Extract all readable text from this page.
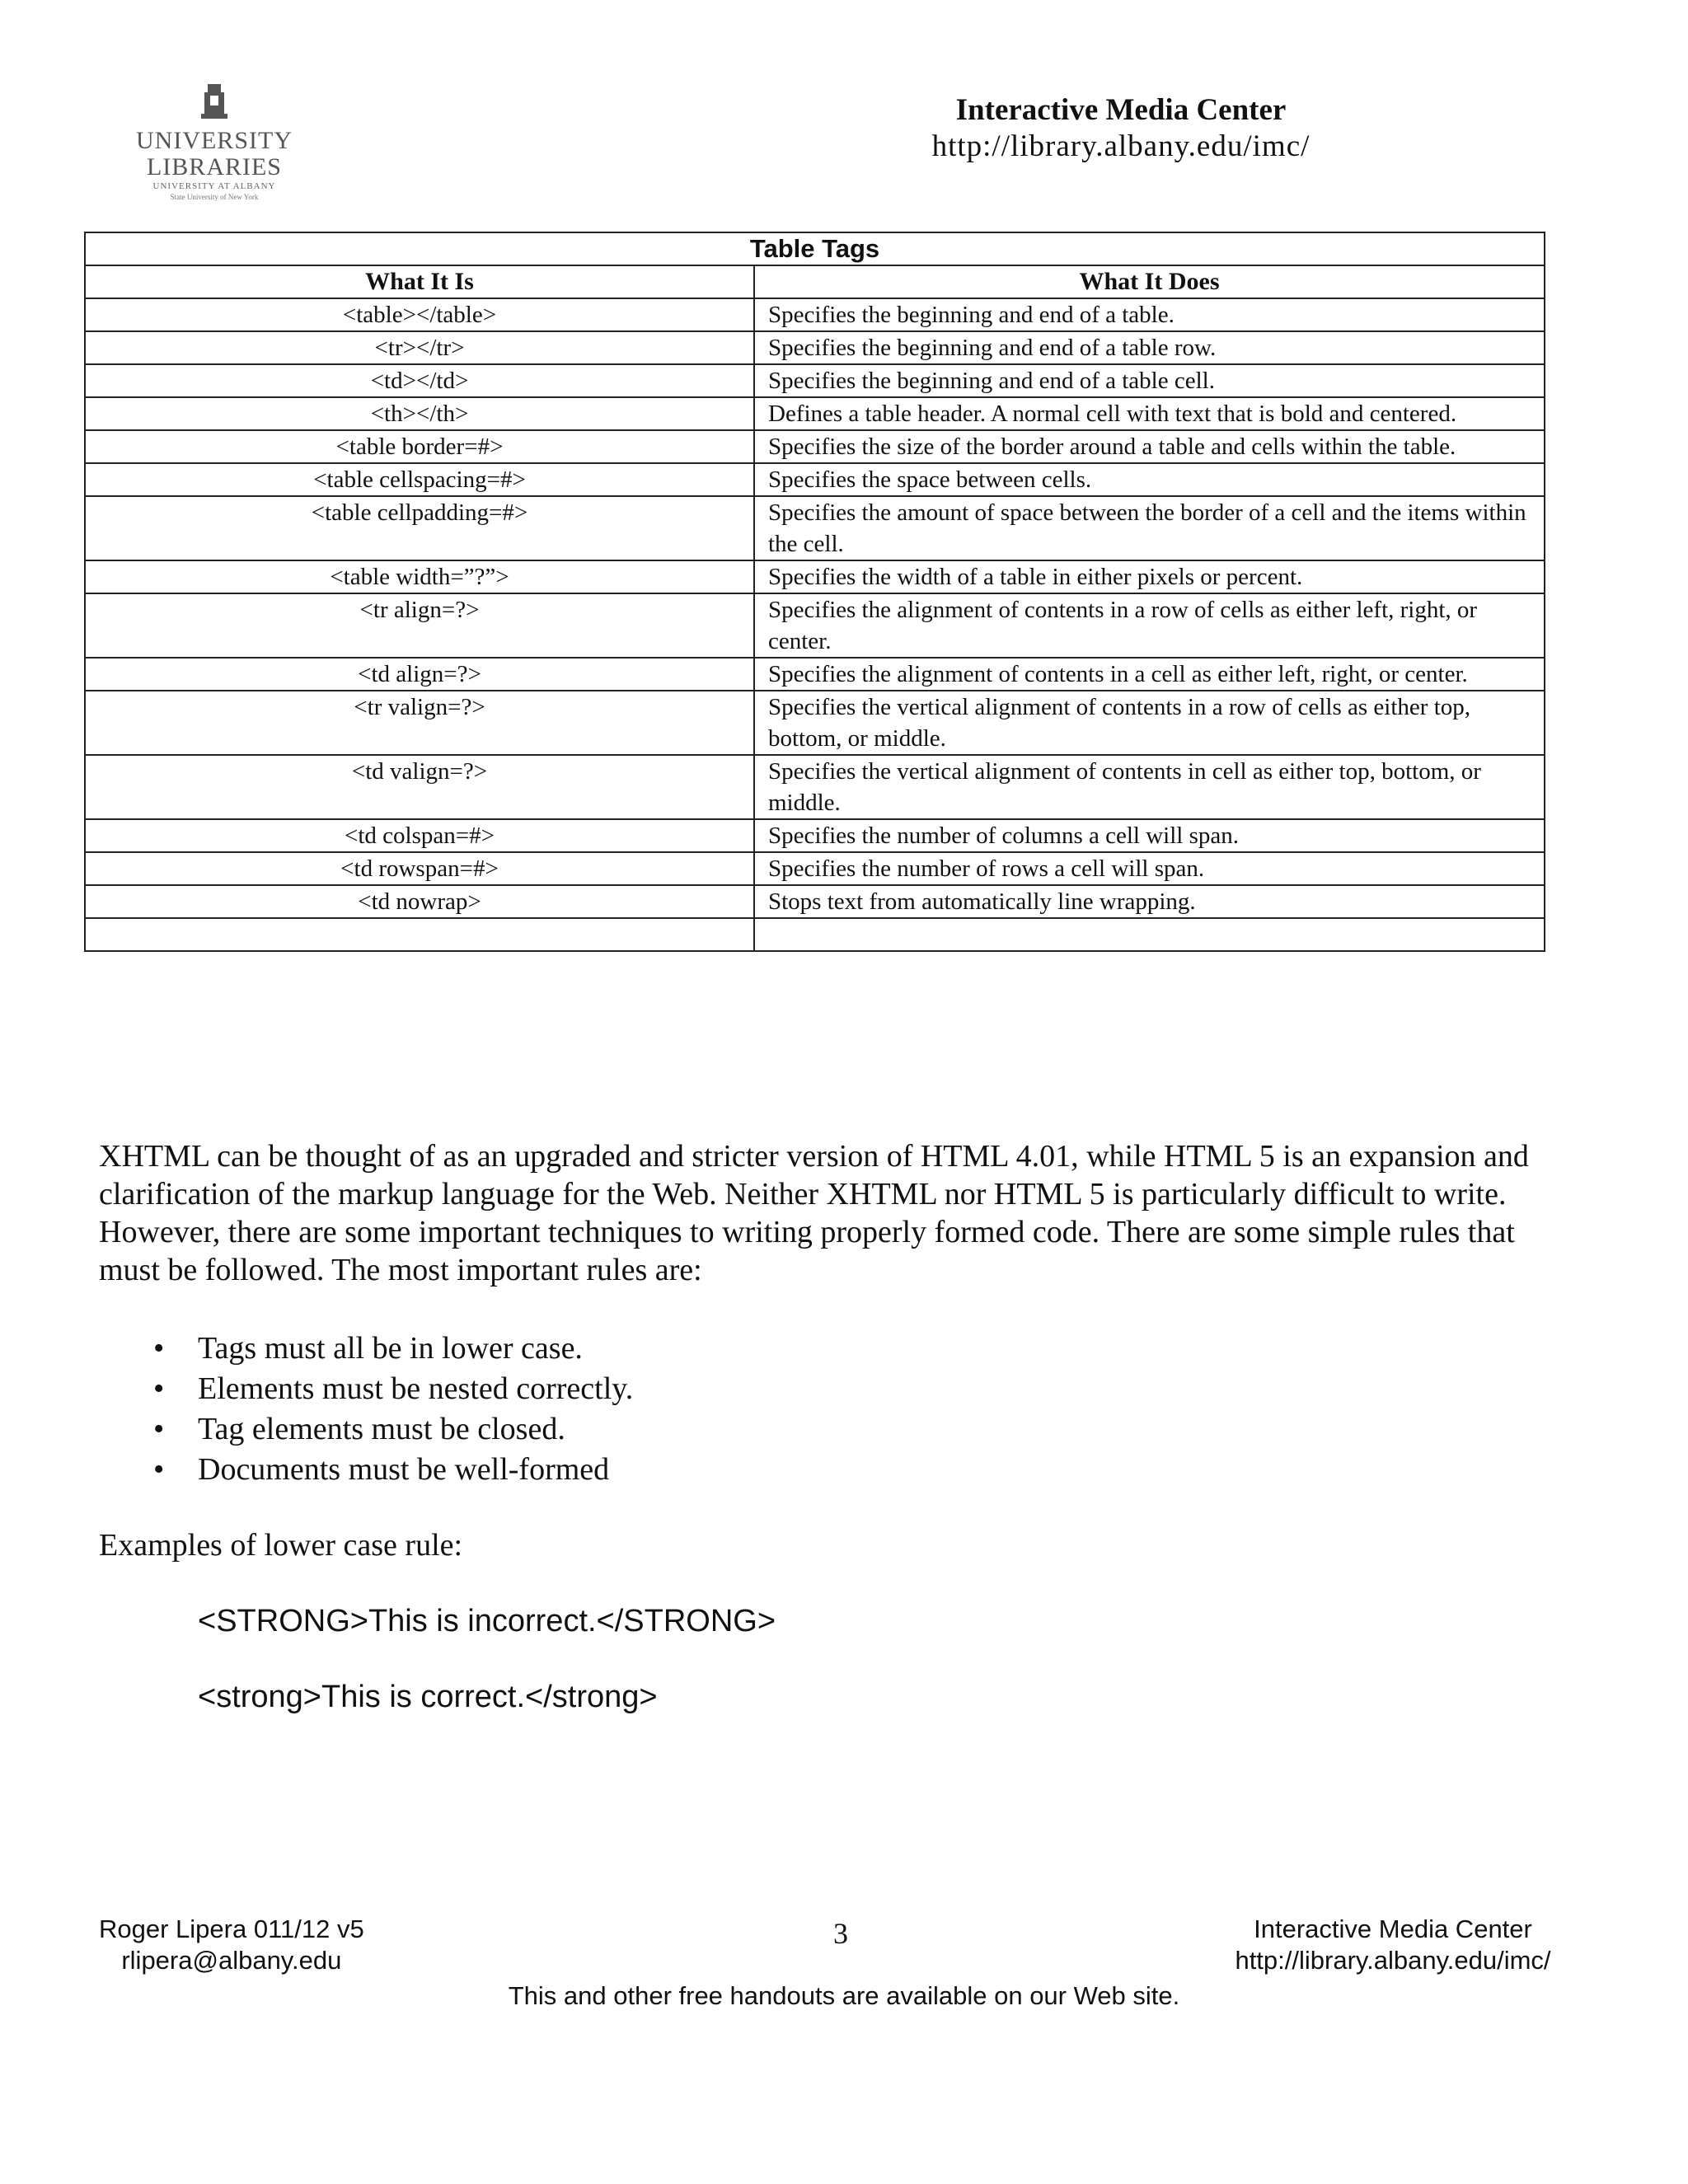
UNIVERSITY LIBRARIES
UNIVERSITY AT ALBANY
State University of New York
Interactive Media Center
http://library.albany.edu/imc/
Table Tags	
What It Is	What It Does
<table></table>	Specifies the beginning and end of a table.
<tr></tr>	Specifies the beginning and end of a table row.
<td></td>	Specifies the beginning and end of a table cell.
<th></th>	Defines a table header. A normal cell with text that is bold and centered.
<table border=#>	Specifies the size of the border around a table and cells within the table.
<table cellspacing=#>	Specifies the space between cells.
<table cellpadding=#>	Specifies the amount of space between the border of a cell and the items within the cell.
<table width=”?”>	Specifies the width of a table in either pixels or percent.
<tr align=?>	Specifies the alignment of contents in a row of cells as either left, right, or center.
<td align=?>	Specifies the alignment of contents in a cell as either left, right, or center.
<tr valign=?>	Specifies the vertical alignment of contents in a row of cells as either top, bottom, or middle.
<td valign=?>	Specifies the vertical alignment of contents in cell as either top, bottom, or middle.
<td colspan=#>	Specifies the number of columns a cell will span.
<td rowspan=#>	Specifies the number of rows a cell will span.
<td nowrap>	Stops text from automatically line wrapping.

XHTML can be thought of as an upgraded and stricter version of HTML 4.01, while HTML 5 is an expansion and clarification of the markup language for the Web. Neither XHTML nor HTML 5 is particularly difficult to write. However, there are some important techniques to writing properly formed code. There are some simple rules that must be followed. The most important rules are:

• Tags must all be in lower case.
• Elements must be nested correctly.
• Tag elements must be closed.
• Documents must be well-formed

Examples of lower case rule:

<STRONG>This is incorrect.</STRONG>

<strong>This is correct.</strong>

Roger Lipera 011/12 v5
rlipera@albany.edu
3	Interactive Media Center
http://library.albany.edu/imc/
This and other free handouts are available on our Web site.
